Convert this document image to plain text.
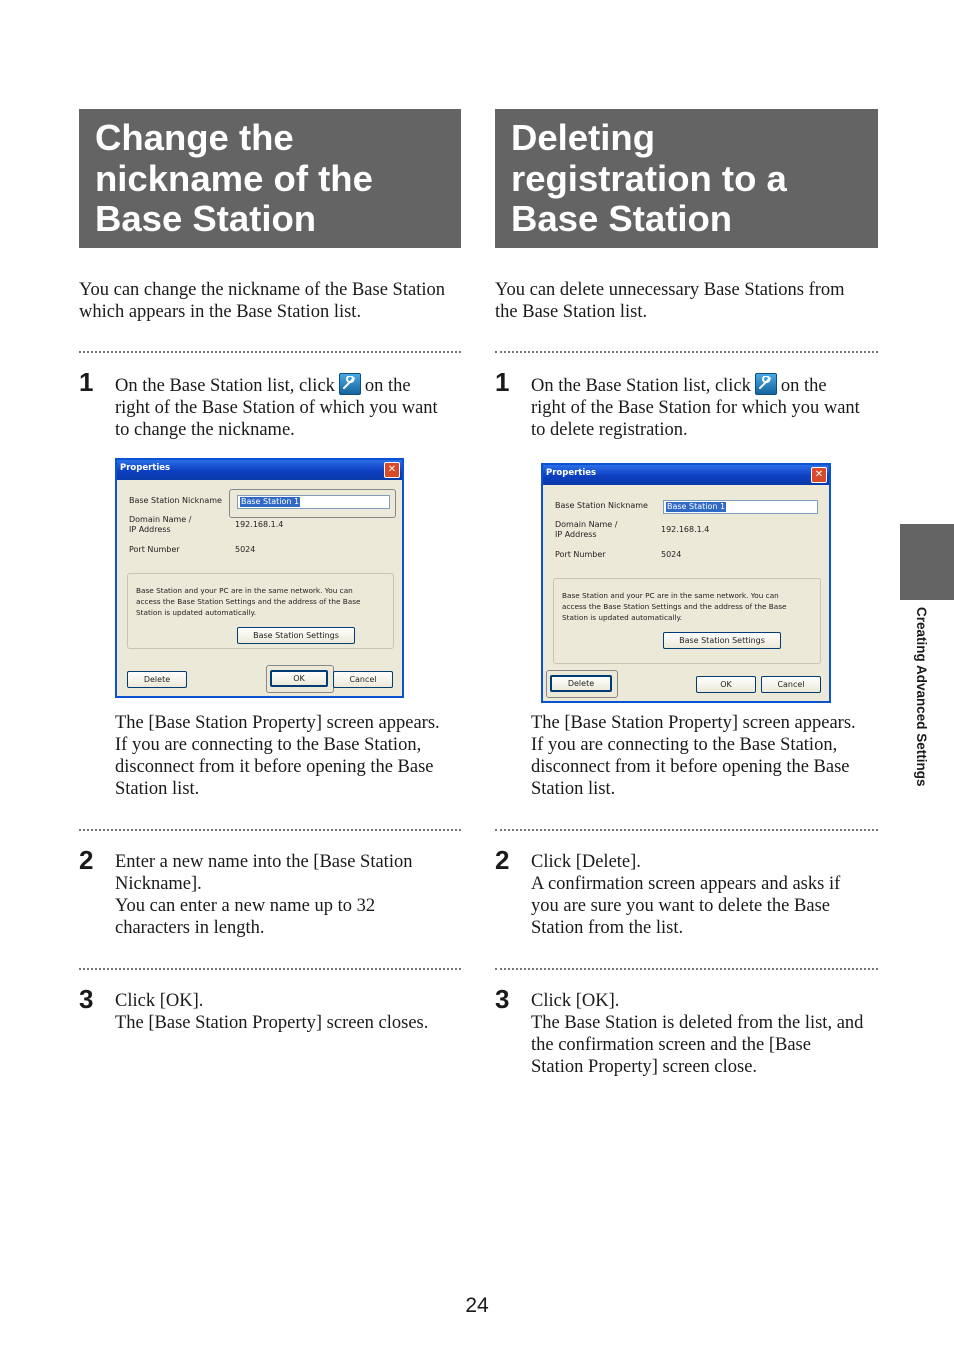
Change the
nickname of the
Base Station
You can change the nickname of the Base Station
which appears in the Base Station list.
1 On the Base Station list, click on the
right of the Base Station of which you want
to change the nickname.
Properties	✕
Base Station Nickname Base Station 1
Domain Name /
IP Address
192.168.1.4
Port Number	5024
Base Station and your PC are in the same network. You can
access the Base Station Settings and the address of the Base
Station is updated automatically.
Base Station Settings
Delete	OK	Cancel
The [Base Station Property] screen appears.
If you are connecting to the Base Station,
disconnect from it before opening the Base
Station list.
2 Enter a new name into the [Base Station
Nickname].
You can enter a new name up to 32
characters in length.
3 Click [OK].
The [Base Station Property] screen closes.
Deleting
registration to a
Base Station
You can delete unnecessary Base Stations from
the Base Station list.
1 On the Base Station list, click on the
right of the Base Station for which you want
to delete registration.
Properties	✕
Base Station Nickname Base Station 1
Domain Name /
IP Address
192.168.1.4
Port Number	5024
Base Station and your PC are in the same network. You can
access the Base Station Settings and the address of the Base
Station is updated automatically.
Base Station Settings
Delete	OK	Cancel
The [Base Station Property] screen appears.
If you are connecting to the Base Station,
disconnect from it before opening the Base
Station list.
2 Click [Delete].
A confirmation screen appears and asks if
you are sure you want to delete the Base
Station from the list.
3 Click [OK].
The Base Station is deleted from the list, and
the confirmation screen and the [Base
Station Property] screen close.
Creating Advanced Settings
24
